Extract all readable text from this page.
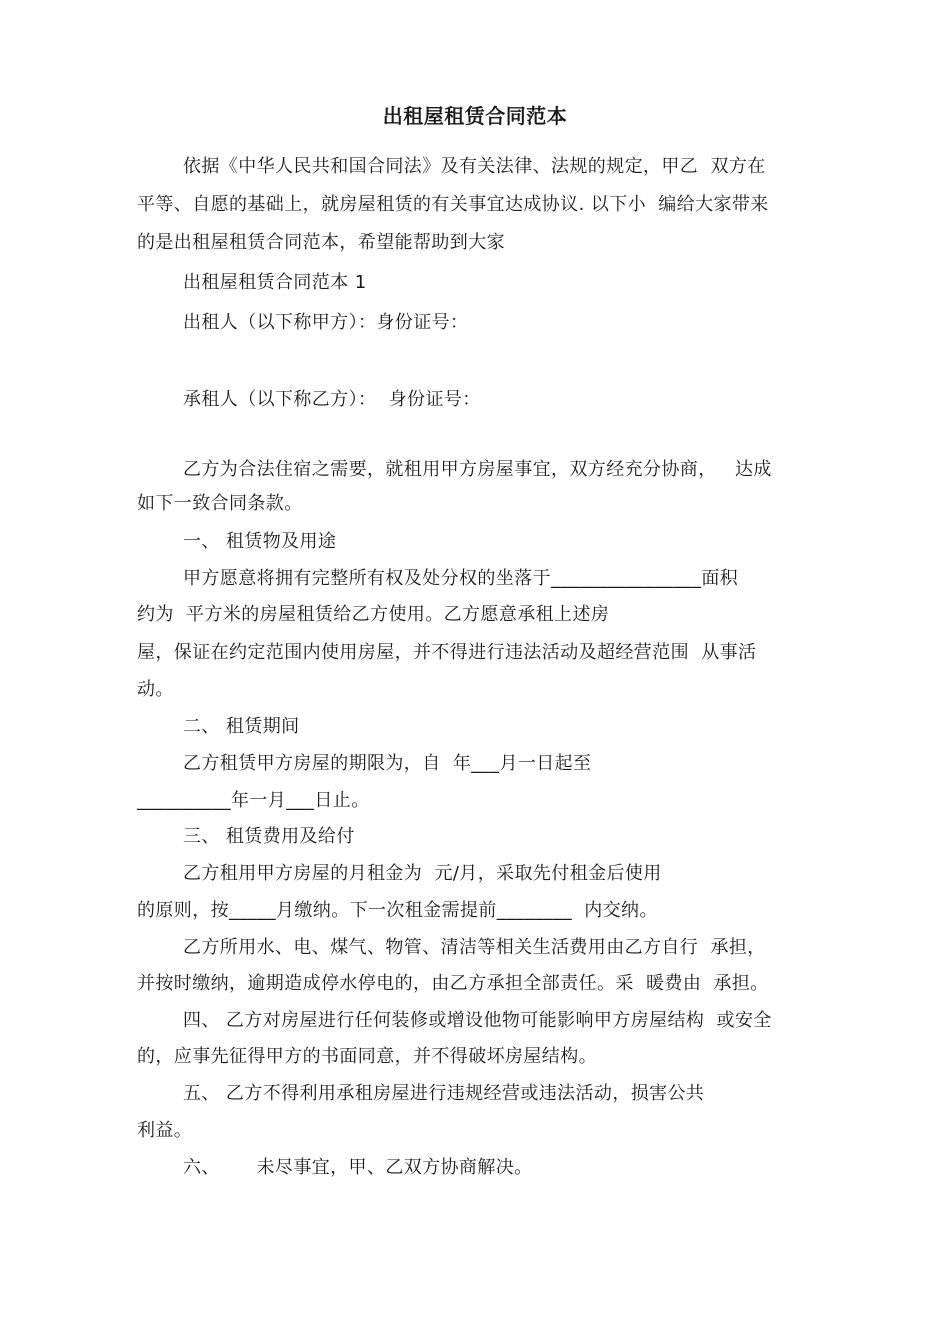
出租屋租赁合同范本
依据《中华人民共和国合同法》及有关法律、法规的规定，甲乙  双方在
平等、自愿的基础上，就房屋租赁的有关事宜达成协议. 以下小  编给大家带来
的是出租屋租赁合同范本，希望能帮助到大家
出租屋租赁合同范本 1
出租人（以下称甲方）：身份证号：
承租人（以下称乙方）：  身份证号：
乙方为合法住宿之需要，就租用甲方房屋事宜，双方经充分协商，   达成
如下一致合同条款。
一、 租赁物及用途
甲方愿意将拥有完整所有权及处分权的坐落于________________面积
约为  平方米的房屋租赁给乙方使用。乙方愿意承租上述房
屋，保证在约定范围内使用房屋，并不得进行违法活动及超经营范围  从事活
动。
二、 租赁期间
乙方租赁甲方房屋的期限为，自  年___月一日起至
__________年一月___日止。
三、 租赁费用及给付
乙方租用甲方房屋的月租金为  元/月，采取先付租金后使用
的原则，按_____月缴纳。下一次租金需提前________  内交纳。
乙方所用水、电、煤气、物管、清洁等相关生活费用由乙方自行  承担，
并按时缴纳，逾期造成停水停电的，由乙方承担全部责任。采  暖费由  承担。
四、 乙方对房屋进行任何装修或增设他物可能影响甲方房屋结构  或安全
的，应事先征得甲方的书面同意，并不得破坏房屋结构。
五、 乙方不得利用承租房屋进行违规经营或违法活动，损害公共
利益。
六、      未尽事宜，甲、乙双方协商解决。
